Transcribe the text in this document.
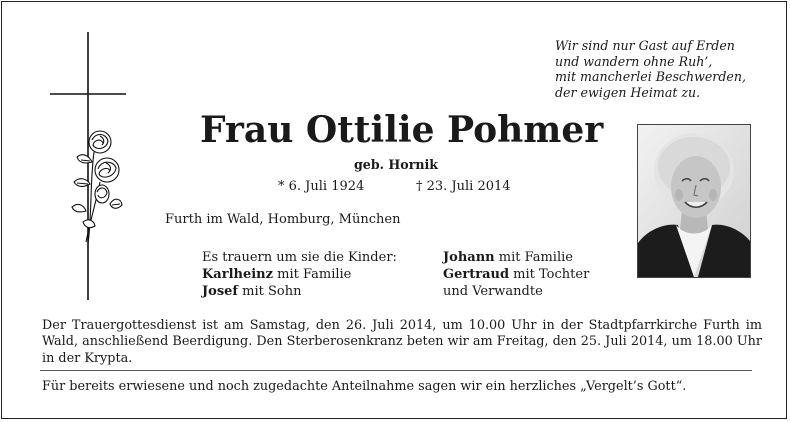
Wir sind nur Gast auf Erden
und wandern ohne Ruh’,
mit mancherlei Beschwerden,
der ewigen Heimat zu.
Frau Ottilie Pohmer
geb. Hornik
* 6. Juli 1924	† 23. Juli 2014
Furth im Wald, Homburg, München
Es trauern um sie die Kinder:
Karlheinz mit Familie
Josef mit Sohn
Johann mit Familie
Gertraud mit Tochter
und Verwandte
Der Trauergottesdienst ist am Samstag, den 26. Juli 2014, um 10.00 Uhr in der Stadtpfarrkirche Furth im Wald, anschließend Beerdigung. Den Sterberosenkranz beten wir am Freitag, den 25. Juli 2014, um 18.00 Uhr in der Krypta.
Für bereits erwiesene und noch zugedachte Anteilnahme sagen wir ein herzliches „Vergelt’s Gott“.
